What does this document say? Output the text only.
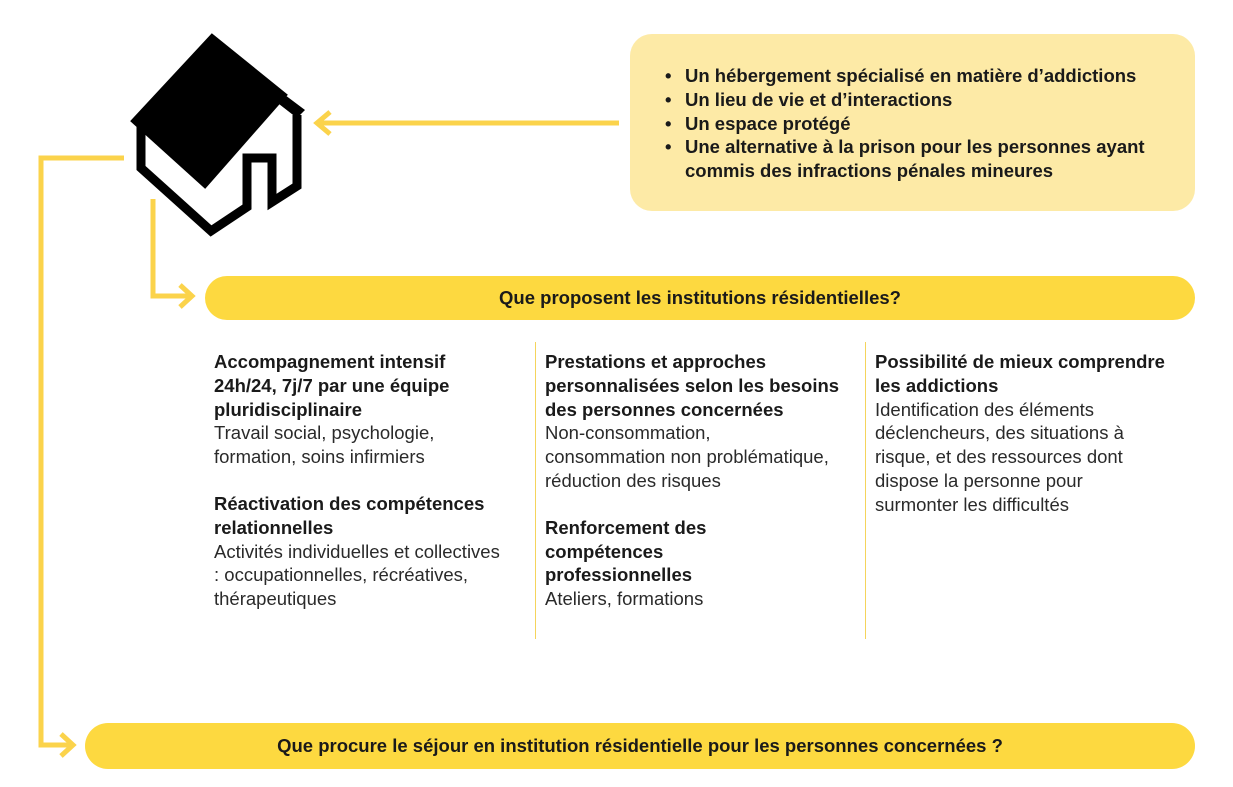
• Un hébergement spécialisé en matière d’addictions
• Un lieu de vie et d’interactions
• Un espace protégé
• Une alternative à la prison pour les personnes ayant commis des infractions pénales mineures
Que proposent les institutions résidentielles?
Accompagnement intensif 24h/24, 7j/7 par une équipe pluridisciplinaire
Travail social, psychologie, formation, soins infirmiers
Réactivation des compétences relationnelles
Activités individuelles et collectives : occupationnelles, récréatives, thérapeutiques
Prestations et approches personnalisées selon les besoins des personnes concernées
Non-consommation, consommation non problématique, réduction des risques
Renforcement des compétences professionnelles
Ateliers, formations
Possibilité de mieux comprendre les addictions
Identification des éléments déclencheurs, des situations à risque, et des ressources dont dispose la personne pour surmonter les difficultés
Que procure le séjour en institution résidentielle pour les personnes concernées ?
